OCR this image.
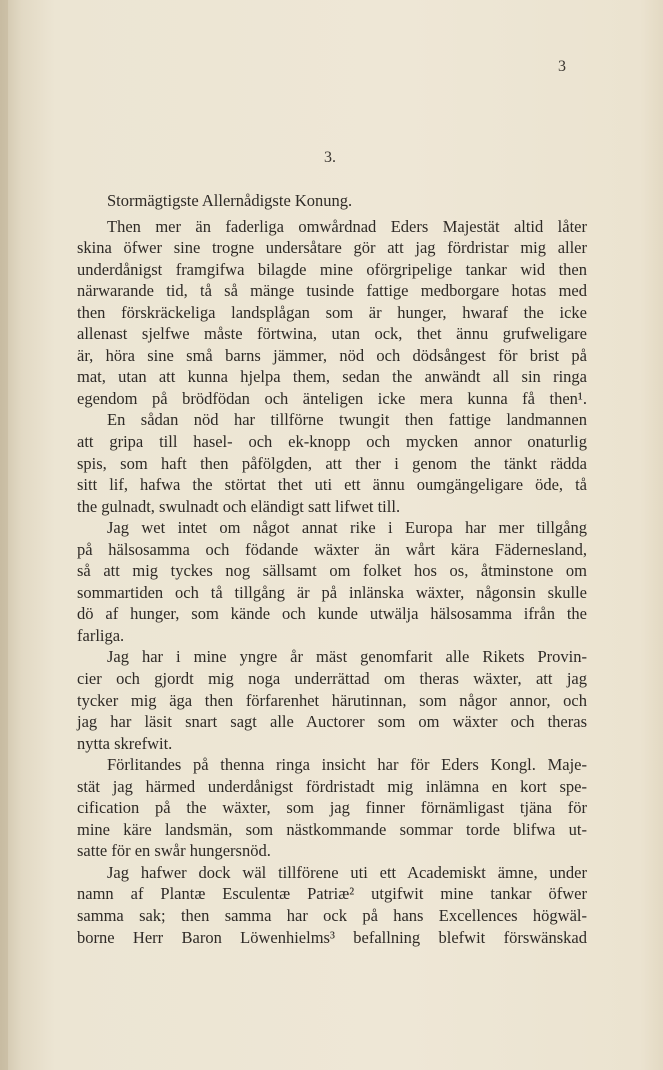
3
3.
Stormägtigste Allernådigste Konung.
Then mer än faderliga omwårdnad Eders Majestät altid låter
skina öfwer sine trogne undersåtare gör att jag fördristar mig aller
underdånigst framgifwa bilagde mine oförgripelige tankar wid then
närwarande tid, tå så mänge tusinde fattige medborgare hotas med
then förskräckeliga landsplågan som är hunger, hwaraf the icke
allenast sjelfwe måste förtwina, utan ock, thet ännu grufweligare
är, höra sine små barns jämmer, nöd och dödsångest för brist på
mat, utan att kunna hjelpa them, sedan the anwändt all sin ringa
egendom på brödfödan och änteligen icke mera kunna få then¹.
En sådan nöd har tillförne twungit then fattige landmannen
att gripa till hasel- och ek-knopp och mycken annor onaturlig
spis, som haft then påfölgden, att ther i genom the tänkt rädda
sitt lif, hafwa the störtat thet uti ett ännu oumgängeligare öde, tå
the gulnadt, swulnadt och eländigt satt lifwet till.
Jag wet intet om något annat rike i Europa har mer tillgång
på hälsosamma och födande wäxter än wårt kära Fädernesland,
så att mig tyckes nog sällsamt om folket hos os, åtminstone om
sommartiden och tå tillgång är på inlänska wäxter, någonsin skulle
dö af hunger, som kände och kunde utwälja hälsosamma ifrån the
farliga.
Jag har i mine yngre år mäst genomfarit alle Rikets Provin-
cier och gjordt mig noga underrättad om theras wäxter, att jag
tycker mig äga then förfarenhet härutinnan, som någor annor, och
jag har läsit snart sagt alle Auctorer som om wäxter och theras
nytta skrefwit.
Förlitandes på thenna ringa insicht har för Eders Kongl. Maje-
stät jag härmed underdånigst fördristadt mig inlämna en kort spe-
cification på the wäxter, som jag finner förnämligast tjäna för
mine käre landsmän, som nästkommande sommar torde blifwa ut-
satte för en swår hungersnöd.
Jag hafwer dock wäl tillförene uti ett Academiskt ämne, under
namn af Plantæ Esculentæ Patriæ² utgifwit mine tankar öfwer
samma sak; then samma har ock på hans Excellences högwäl-
borne Herr Baron Löwenhielms³ befallning blefwit förswänskad
